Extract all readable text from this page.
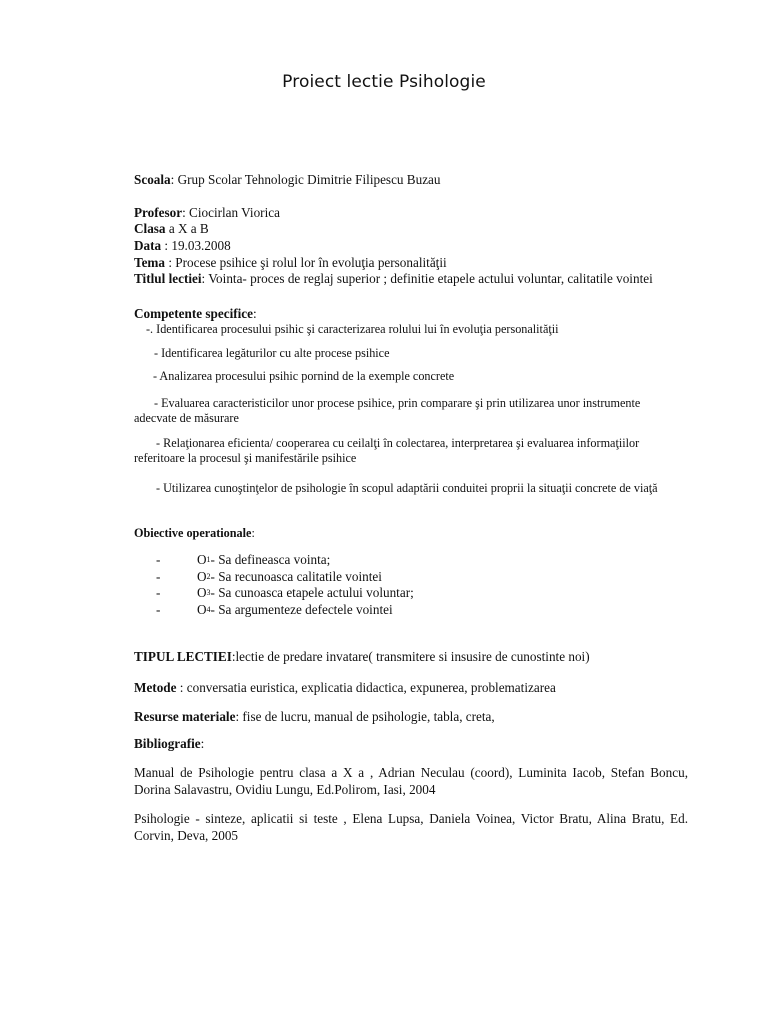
Proiect lectie Psihologie
Scoala: Grup Scolar Tehnologic Dimitrie Filipescu Buzau
Profesor: Ciocirlan Viorica
Clasa a X a B
Data : 19.03.2008
Tema : Procese psihice şi rolul lor în evoluţia personalităţii
Titlul lectiei: Vointa- proces de reglaj superior ; definitie etapele actului voluntar, calitatile vointei
Competente specifice:
-. Identificarea procesului psihic şi caracterizarea rolului lui în evoluţia personalităţii
- Identificarea legăturilor cu alte procese psihice
- Analizarea procesului psihic pornind de la exemple concrete
- Evaluarea caracteristicilor unor procese psihice, prin comparare şi prin utilizarea unor instrumente adecvate de măsurare
- Relaţionarea eficienta/ cooperarea cu ceilalţi în colectarea, interpretarea şi evaluarea informaţiilor referitoare la procesul şi manifestările psihice
- Utilizarea cunoştinţelor de psihologie în scopul adaptării conduitei proprii la situaţii concrete de viaţă
Obiective operationale:
-	O 1 - Sa defineasca vointa;
-	O 2 - Sa recunoasca calitatile vointei
-	O 3 - Sa cunoasca etapele actului voluntar;
-	O 4 - Sa argumenteze defectele vointei
TIPUL LECTIEI:lectie de predare invatare( transmitere si insusire de cunostinte noi)
Metode : conversatia euristica, explicatia didactica, expunerea, problematizarea
Resurse materiale: fise de lucru, manual de psihologie, tabla, creta,
Bibliografie:
Manual de Psihologie pentru clasa a X a , Adrian Neculau (coord), Luminita Iacob, Stefan Boncu, Dorina Salavastru, Ovidiu Lungu, Ed.Polirom, Iasi, 2004
Psihologie - sinteze, aplicatii si teste , Elena Lupsa, Daniela Voinea, Victor Bratu, Alina Bratu, Ed. Corvin, Deva, 2005
